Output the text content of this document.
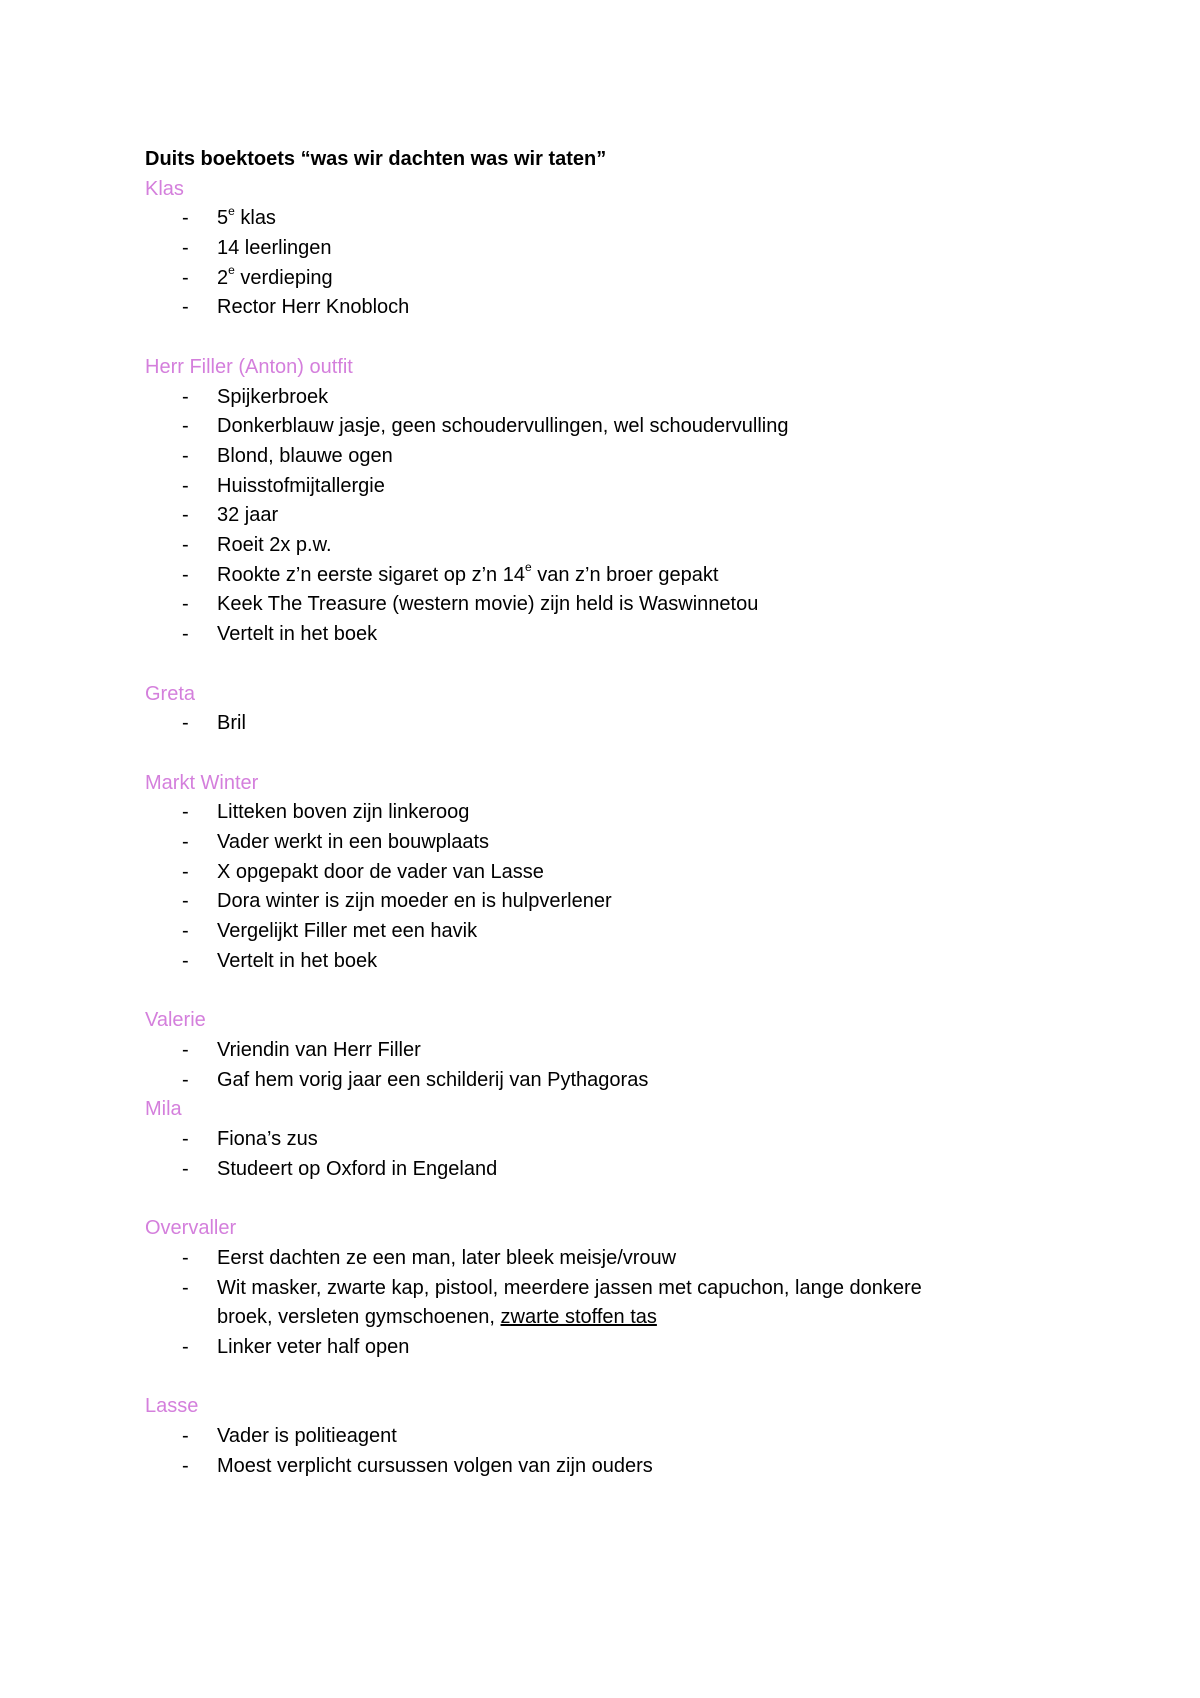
Duits boektoets “was wir dachten was wir taten”

Klas

- 5e klas
- 14 leerlingen
- 2e verdieping
- Rector Herr Knobloch

Herr Filler (Anton) outfit

- Spijkerbroek
- Donkerblauw jasje, geen schoudervullingen, wel schoudervulling
- Blond, blauwe ogen
- Huisstofmijtallergie
- 32 jaar
- Roeit 2x p.w.
- Rookte z’n eerste sigaret op z’n 14e van z’n broer gepakt
- Keek The Treasure (western movie) zijn held is Waswinnetou
- Vertelt in het boek

Greta

- Bril

Markt Winter

- Litteken boven zijn linkeroog
- Vader werkt in een bouwplaats
- X opgepakt door de vader van Lasse
- Dora winter is zijn moeder en is hulpverlener
- Vergelijkt Filler met een havik
- Vertelt in het boek

Valerie

- Vriendin van Herr Filler
- Gaf hem vorig jaar een schilderij van Pythagoras

Mila

- Fiona’s zus
- Studeert op Oxford in Engeland

Overvaller

- Eerst dachten ze een man, later bleek meisje/vrouw
- Wit masker, zwarte kap, pistool, meerdere jassen met capuchon, lange donkere
broek, versleten gymschoenen, zwarte stoffen tas
- Linker veter half open

Lasse

- Vader is politieagent
- Moest verplicht cursussen volgen van zijn ouders
